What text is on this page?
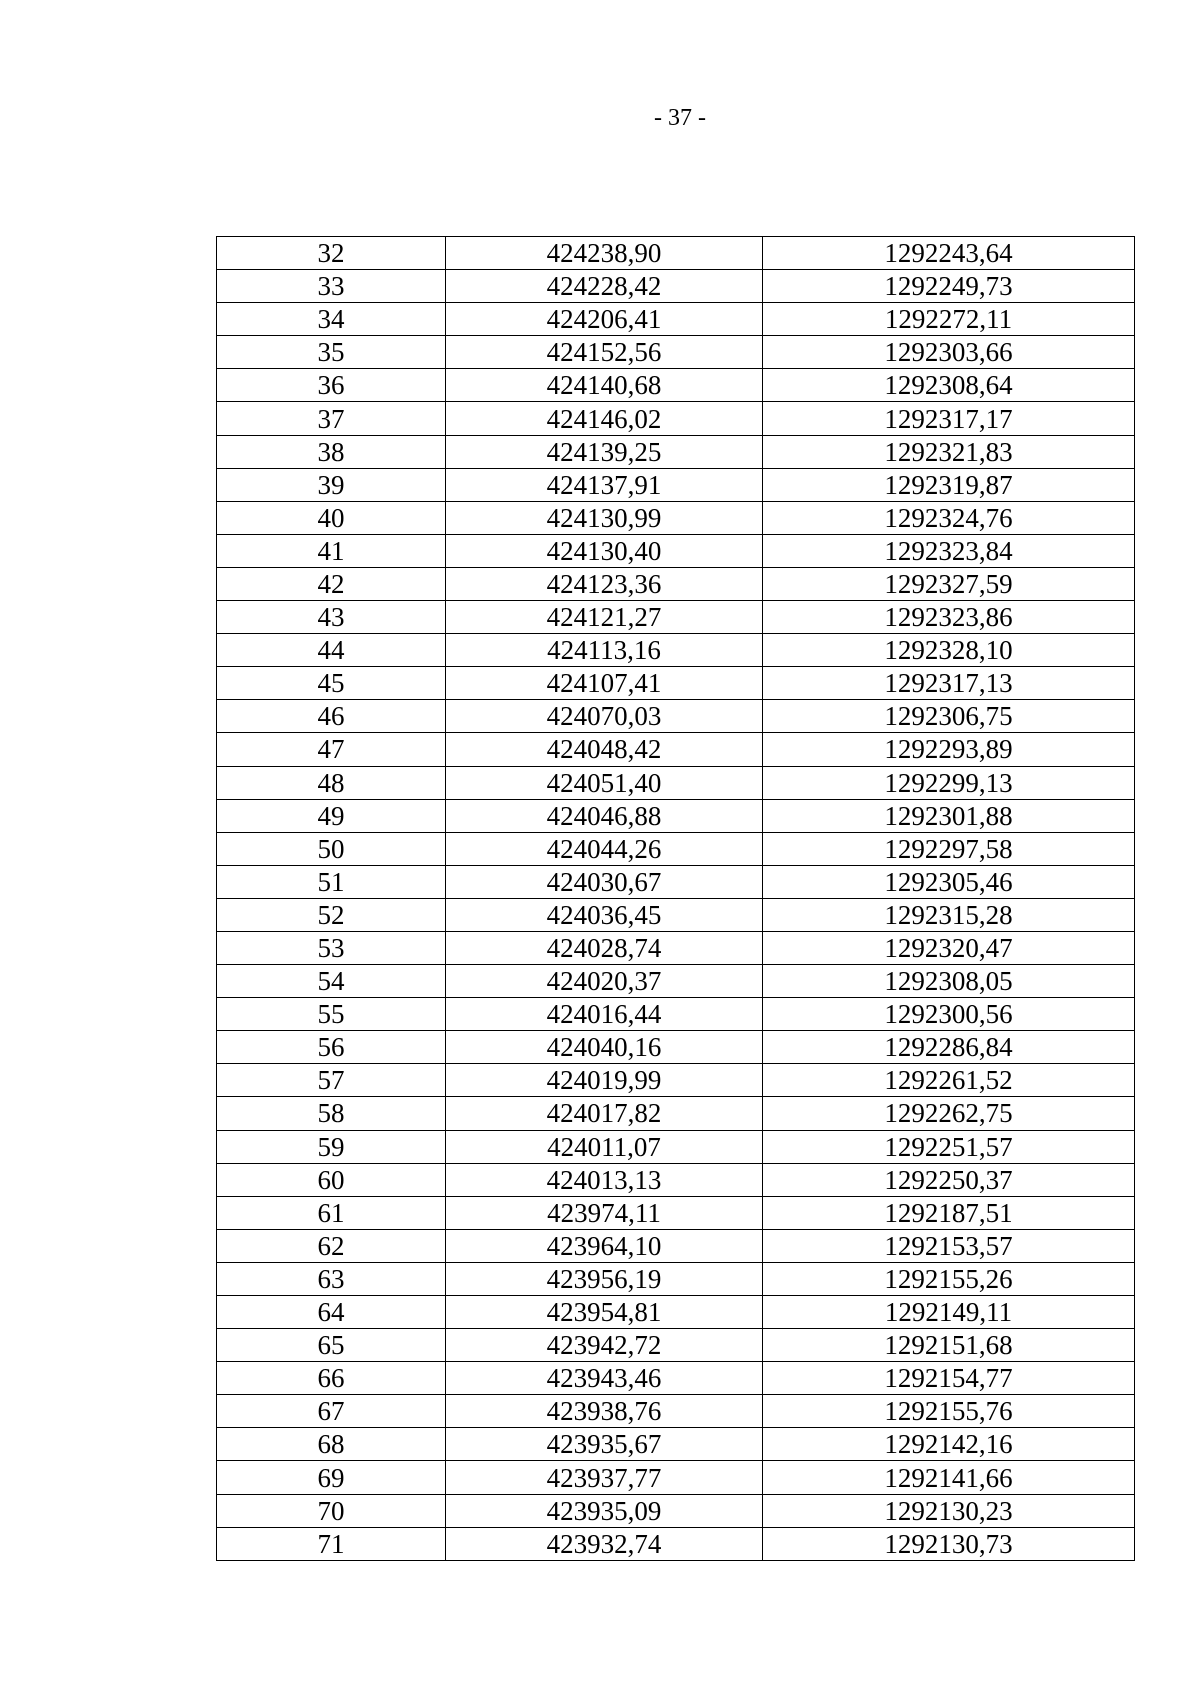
- 37 -
32	424238,90	1292243,64
33	424228,42	1292249,73
34	424206,41	1292272,11
35	424152,56	1292303,66
36	424140,68	1292308,64
37	424146,02	1292317,17
38	424139,25	1292321,83
39	424137,91	1292319,87
40	424130,99	1292324,76
41	424130,40	1292323,84
42	424123,36	1292327,59
43	424121,27	1292323,86
44	424113,16	1292328,10
45	424107,41	1292317,13
46	424070,03	1292306,75
47	424048,42	1292293,89
48	424051,40	1292299,13
49	424046,88	1292301,88
50	424044,26	1292297,58
51	424030,67	1292305,46
52	424036,45	1292315,28
53	424028,74	1292320,47
54	424020,37	1292308,05
55	424016,44	1292300,56
56	424040,16	1292286,84
57	424019,99	1292261,52
58	424017,82	1292262,75
59	424011,07	1292251,57
60	424013,13	1292250,37
61	423974,11	1292187,51
62	423964,10	1292153,57
63	423956,19	1292155,26
64	423954,81	1292149,11
65	423942,72	1292151,68
66	423943,46	1292154,77
67	423938,76	1292155,76
68	423935,67	1292142,16
69	423937,77	1292141,66
70	423935,09	1292130,23
71	423932,74	1292130,73
